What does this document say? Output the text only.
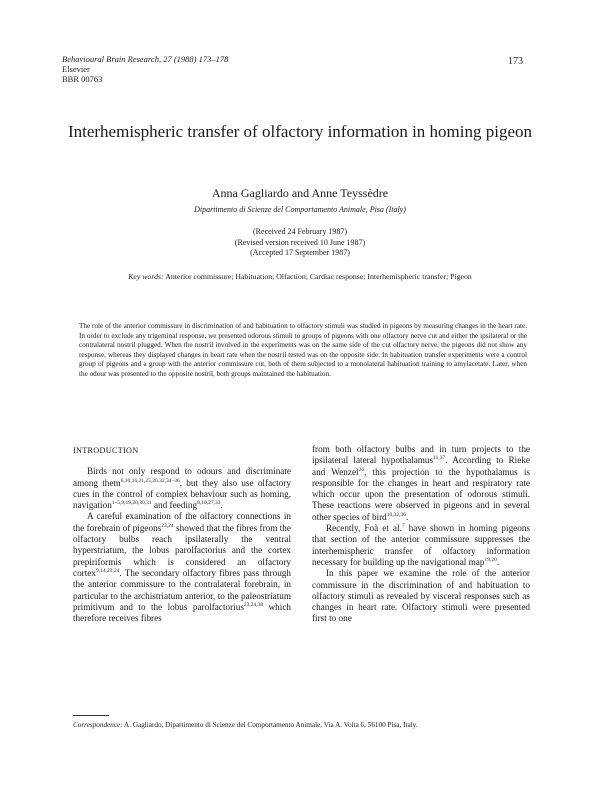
Behavioural Brain Research, 27 (1988) 173–178
Elsevier
BBR 00763
173
Interhemispheric transfer of olfactory information in homing pigeon
Anna Gagliardo and Anne Teyssèdre
Dipartimento di Scienze del Comportamento Animale, Pisa (Italy)
(Received 24 February 1987)
(Revised version received 10 June 1987)
(Accepted 17 September 1987)
Key words: Anterior commissure; Habituation; Olfaction; Cardiac response; Interhemispheric transfer; Pigeon
The role of the anterior commissure in discrimination of and habituation to olfactory stimuli was studied in pigeons by measuring changes in the heart rate. In order to exclude any trigeminal response, we presented odorous stimuli to groups of pigeons with one olfactory nerve cut and either the ipsilateral or the contralateral nostril plugged. When the nostril involved in the experiments was on the same side of the cut olfactory nerve, the pigeons did not show any response, whereas they displayed changes in heart rate when the nostril tested was on the opposite side. In habituation transfer experiments were a control group of pigeons and a group with the anterior commissure cut, both of them subjected to a monolateral habituation training to amylacetate. Later, when the odour was presented to the opposite nostril, both groups maintained the habituation.

INTRODUCTION

Birds not only respond to odours and discriminate among them$^{6,10,16,21,25,26,32,34-36}$, but they also use olfactory cues in the control of complex behaviour such as homing, navigation$^{1-5,9,19,20,30,31}$ and feeding$^{8,10,27,33}$.

A careful examination of the olfactory connections in the forebrain of pigeons$^{23,24}$ showed that the fibres from the olfactory bulbs reach ipsilaterally the ventral hyperstriatum, the lobus parolfactorius and the cortex prepiriformis which is considered an olfactory cortex$^{9,14,23,24}$. The secondary olfactory fibres pass through the anterior commissure to the contralateral forebrain, in particular to the archistriatum anterior, to the paleostriatum primitivum and to the lobus parolfactorius$^{23,24,38}$ which therefore receives fibres

from both olfactory bulbs and in turn projects to the ipsilateral lateral hypothalamus$^{11,37}$. According to Rieke and Wenzel$^{26}$, this projection to the hypothalamus is responsible for the changes in heart and respiratory rate which occur upon the presentation of odorous stimuli. These reactions were observed in pigeons and in several other species of bird$^{10,32,36}$.

Recently, Foà et al.$^7$ have shown in homing pigeons that section of the anterior commissure suppresses the interhemispheric transfer of olfactory information necessary for building up the navigational map$^{19,20}$.

In this paper we examine the role of the anterior commissure in the discrimination of and habituation to olfactory stimuli as revealed by visceral responses such as changes in heart rate. Olfactory stimuli were presented first to one

Correspondence: A. Gagliardo, Dipartimento di Scienze del Comportamento Animale, Via A. Volta 6, 56100 Pisa, Italy.
